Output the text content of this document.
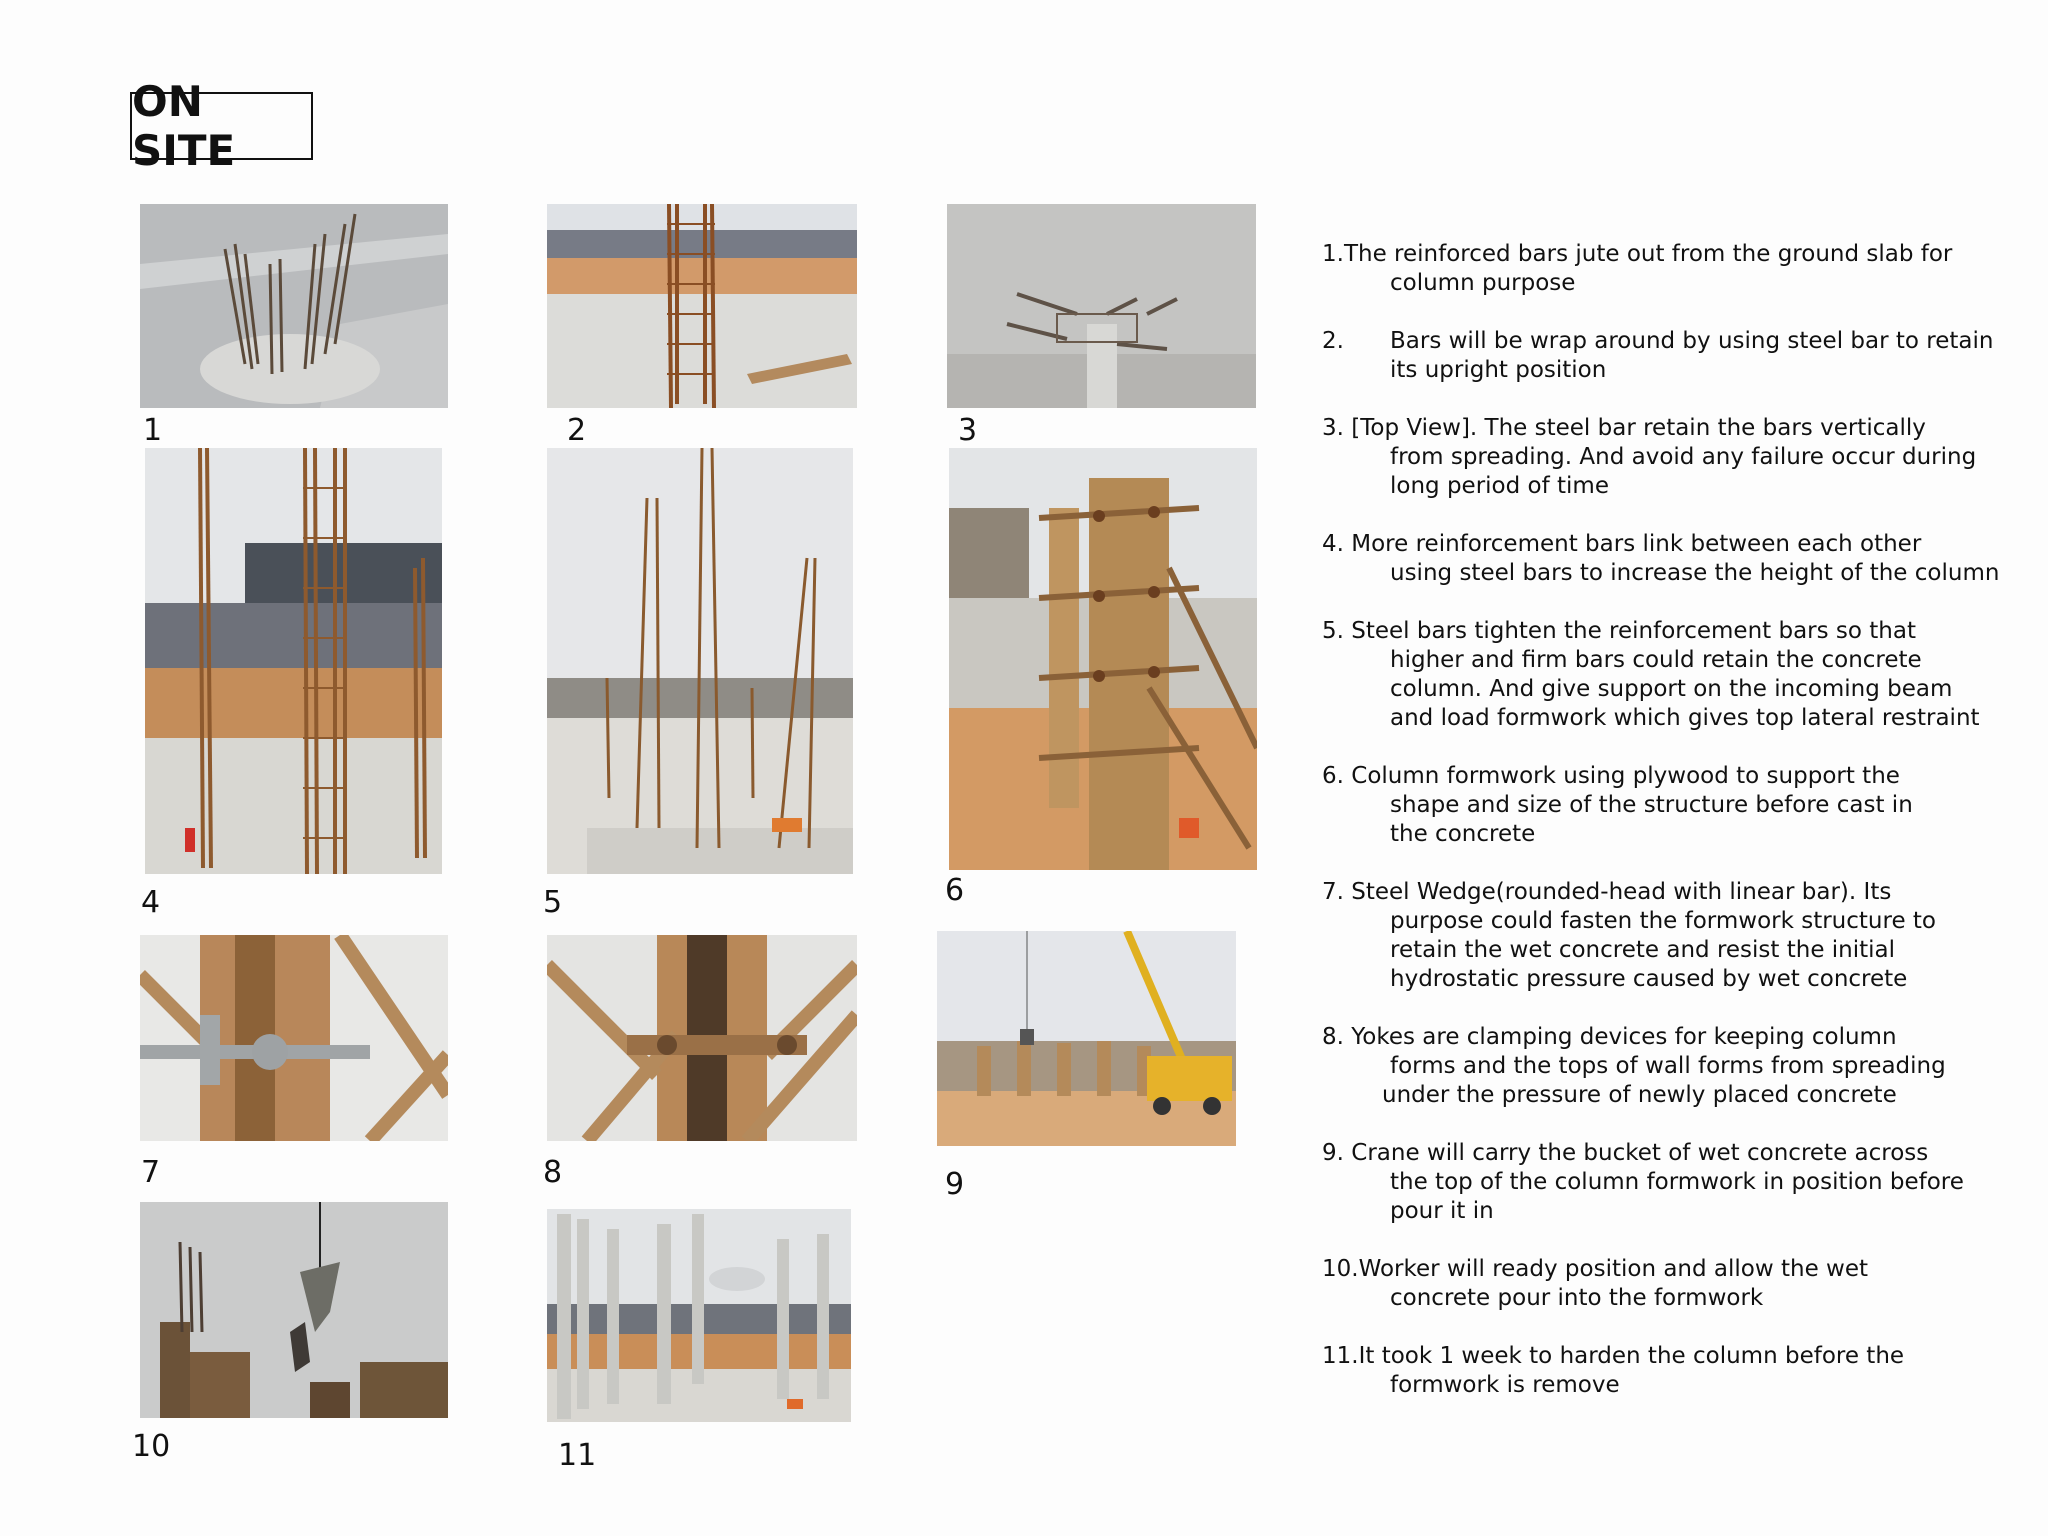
ON SITE
1	2	3
4	5	6
7	8	9
10	11
1.The reinforced bars jute out from the ground slab for
column purpose
2. Bars will be wrap around by using steel bar to retain
its upright position
3. [Top View]. The steel bar retain the bars vertically
from spreading. And avoid any failure occur during
long period of time
4. More reinforcement bars link between each other
using steel bars to increase the height of the column
5. Steel bars tighten the reinforcement bars so that
higher and firm bars could retain the concrete
column. And give support on the incoming beam
and load formwork which gives top lateral restraint
6. Column formwork using plywood to support the
shape and size of the structure before cast in
the concrete
7. Steel Wedge(rounded-head with linear bar). Its
purpose could fasten the formwork structure to
retain the wet concrete and resist the initial
hydrostatic pressure caused by wet concrete
8. Yokes are clamping devices for keeping column
forms and the tops of wall forms from spreading
under the pressure of newly placed concrete
9. Crane will carry the bucket of wet concrete across
the top of the column formwork in position before
pour it in
10.Worker will ready position and allow the wet
concrete pour into the formwork
11.It took 1 week to harden the column before the
formwork is remove
